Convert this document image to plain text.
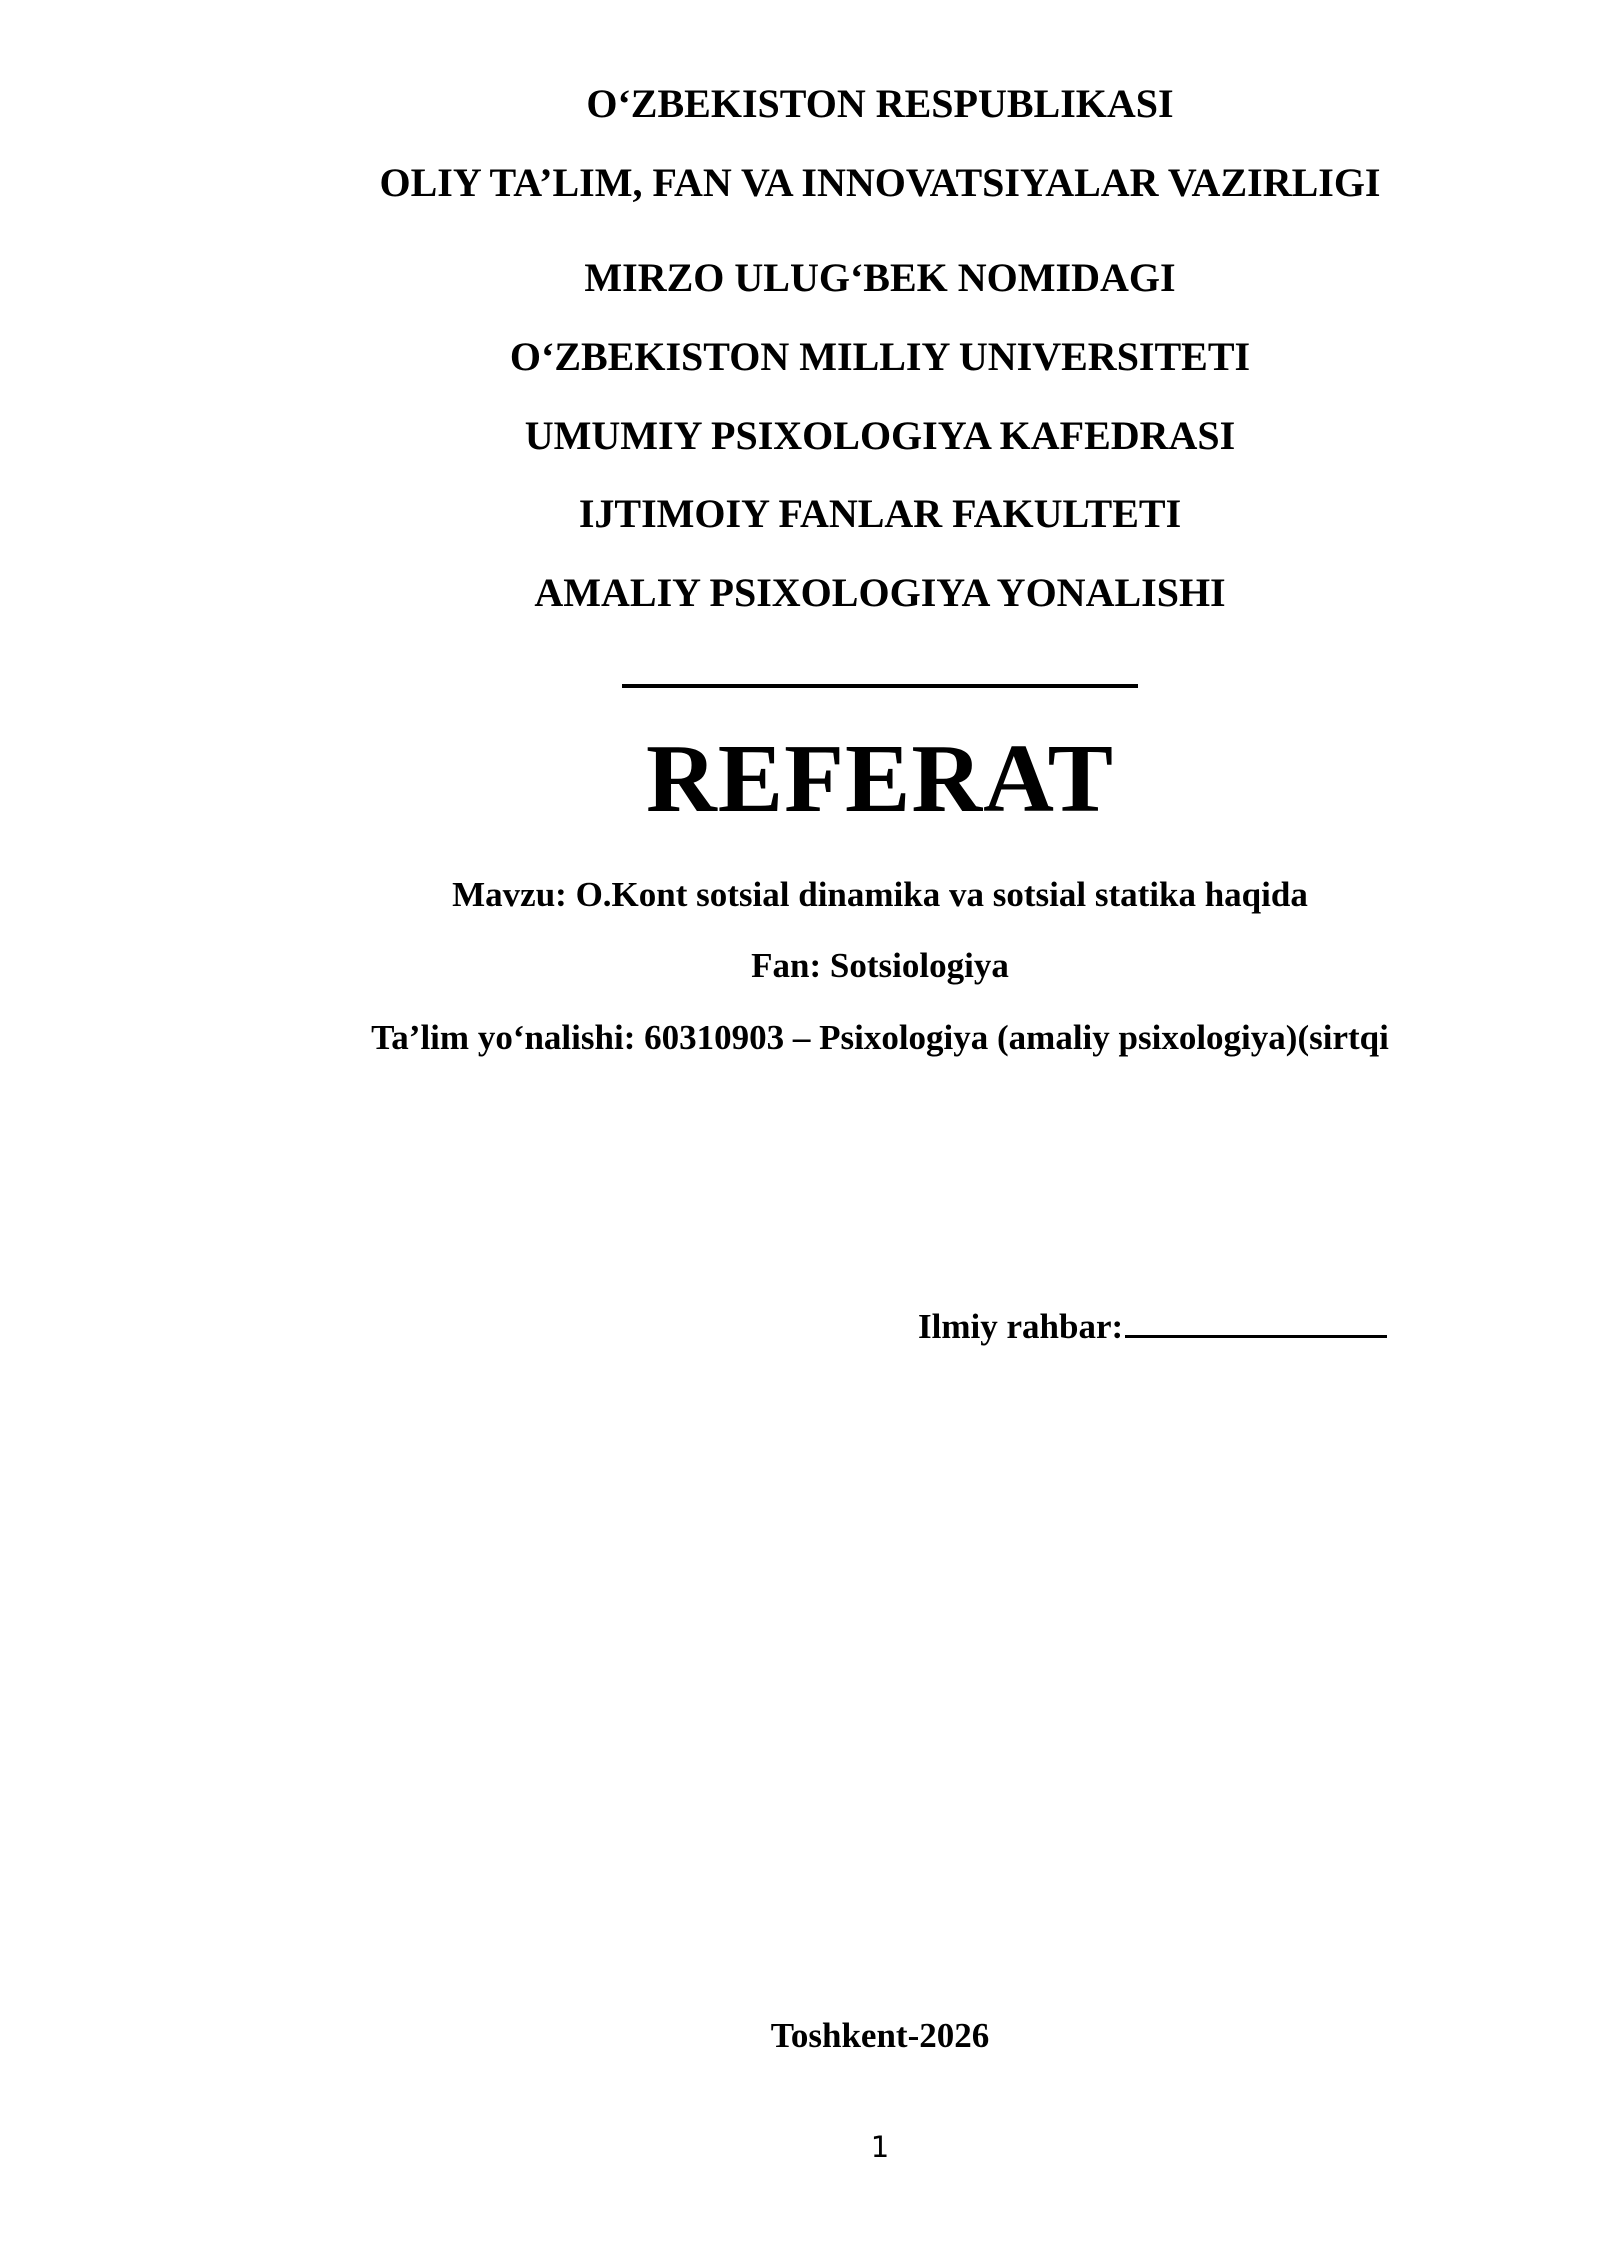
O‘ZBEKISTON RESPUBLIKASI
OLIY TA’LIM, FAN VA INNOVATSIYALAR VAZIRLIGI
MIRZO ULUG‘BEK NOMIDAGI
O‘ZBEKISTON MILLIY UNIVERSITETI
UMUMIY PSIXOLOGIYA KAFEDRASI
IJTIMOIY FANLAR FAKULTETI
AMALIY PSIXOLOGIYA YONALISHI
REFERAT
Mavzu: O.Kont sotsial dinamika va sotsial statika haqida
Fan: Sotsiologiya
Ta’lim yo‘nalishi: 60310903 – Psixologiya (amaliy psixologiya)(sirtqi
Ilmiy rahbar:
Toshkent-2026
1
